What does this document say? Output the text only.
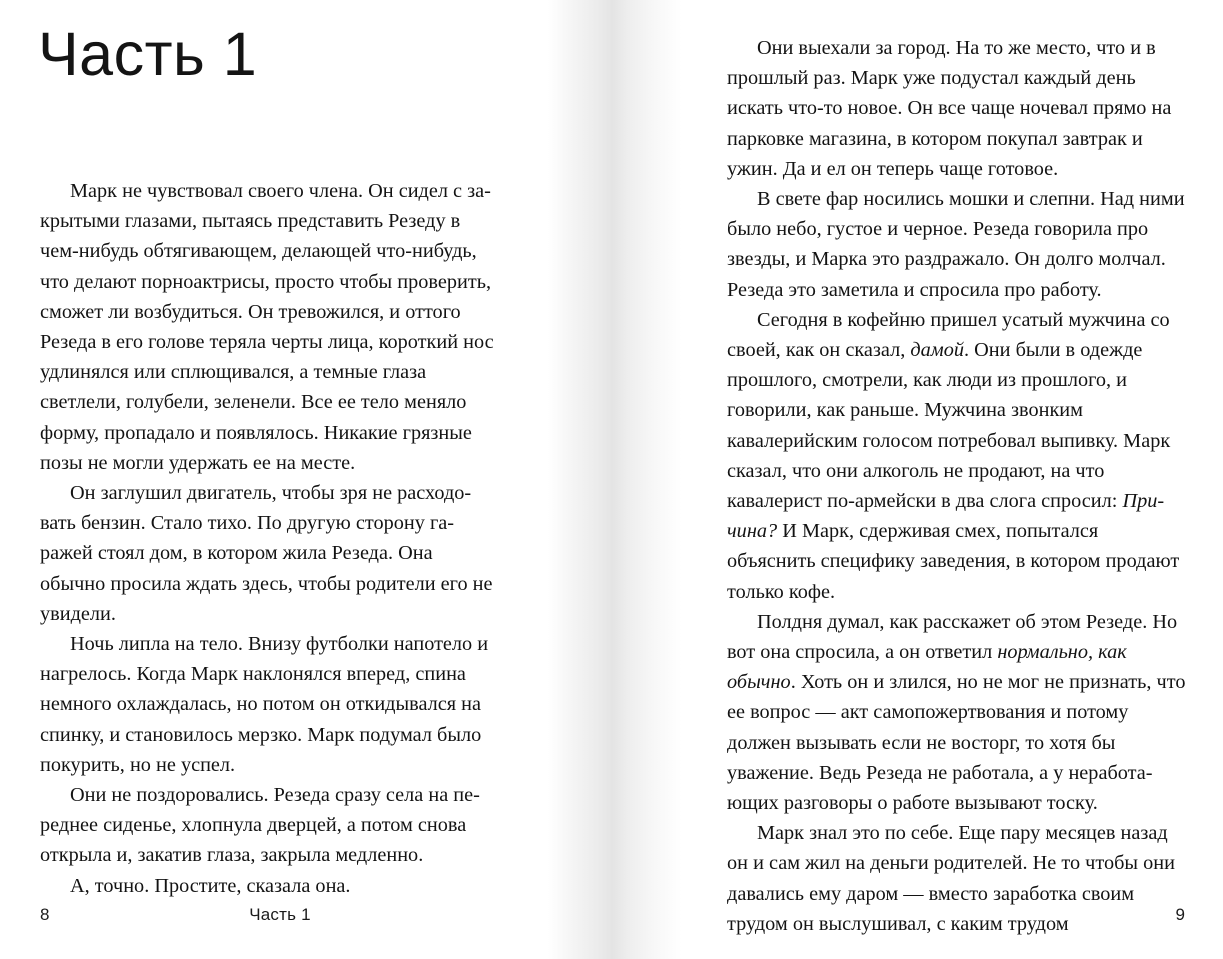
Часть 1

Марк не чувствовал своего члена. Он сидел с закрытыми глазами, пытаясь представить Резеду в чем-нибудь обтягивающем, делающей что-нибудь, что делают порноактрисы, просто чтобы проверить, сможет ли возбудиться. Он тревожился, и оттого Резеда в его голове теряла черты лица, короткий нос удлинялся или сплющивался, а темные глаза светлели, голубели, зеленели. Все ее тело меняло форму, пропадало и появлялось. Никакие грязные позы не могли удержать ее на месте.

Он заглушил двигатель, чтобы зря не расходовать бензин. Стало тихо. По другую сторону гаражей стоял дом, в котором жила Резеда. Она обычно просила ждать здесь, чтобы родители его не увидели.

Ночь липла на тело. Внизу футболки напотело и нагрелось. Когда Марк наклонялся вперед, спина немного охлаждалась, но потом он откидывался на спинку, и становилось мерзко. Марк подумал было покурить, но не успел.

Они не поздоровались. Резеда сразу села на переднее сиденье, хлопнула дверцей, а потом снова открыла и, закатив глаза, закрыла медленно.

А, точно. Простите, сказала она.

8	Часть 1

Они выехали за город. На то же место, что и в прошлый раз. Марк уже подустал каждый день искать что-то новое. Он все чаще ночевал прямо на парковке магазина, в котором покупал завтрак и ужин. Да и ел он теперь чаще готовое.

В свете фар носились мошки и слепни. Над ними было небо, густое и черное. Резеда говорила про звезды, и Марка это раздражало. Он долго молчал. Резеда это заметила и спросила про работу.

Сегодня в кофейню пришел усатый мужчина со своей, как он сказал, дамой. Они были в одежде прошлого, смотрели, как люди из прошлого, и говорили, как раньше. Мужчина звонким кавалерийским голосом потребовал выпивку. Марк сказал, что они алкоголь не продают, на что кавалерист по-армейски в два слога спросил: При-чина? И Марк, сдерживая смех, попытался объяснить специфику заведения, в котором продают только кофе.

Полдня думал, как расскажет об этом Резеде. Но вот она спросила, а он ответил нормально, как обычно. Хоть он и злился, но не мог не признать, что ее вопрос — акт самопожертвования и потому должен вызывать если не восторг, то хотя бы уважение. Ведь Резеда не работала, а у неработающих разговоры о работе вызывают тоску.

Марк знал это по себе. Еще пару месяцев назад он и сам жил на деньги родителей. Не то чтобы они давались ему даром — вместо заработка своим трудом он выслушивал, с каким трудом	9
